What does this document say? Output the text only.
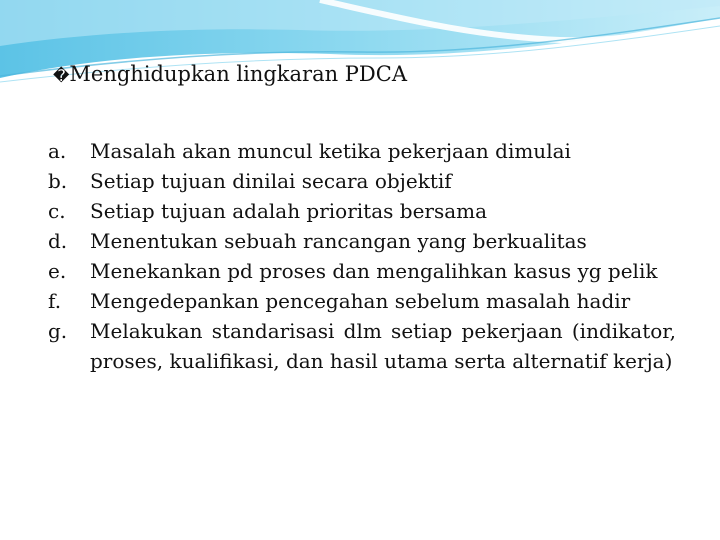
�Menghidupkan lingkaran PDCA
a.	Masalah akan muncul ketika pekerjaan dimulai
b.	Setiap tujuan dinilai secara objektif
c.	Setiap tujuan adalah prioritas bersama
d.	Menentukan sebuah rancangan yang berkualitas
e.	Menekankan pd proses dan mengalihkan kasus yg pelik
f.	Mengedepankan pencegahan sebelum masalah hadir
g.	Melakukan standarisasi dlm setiap pekerjaan (indikator, proses, kualifikasi, dan hasil utama serta alternatif kerja)
